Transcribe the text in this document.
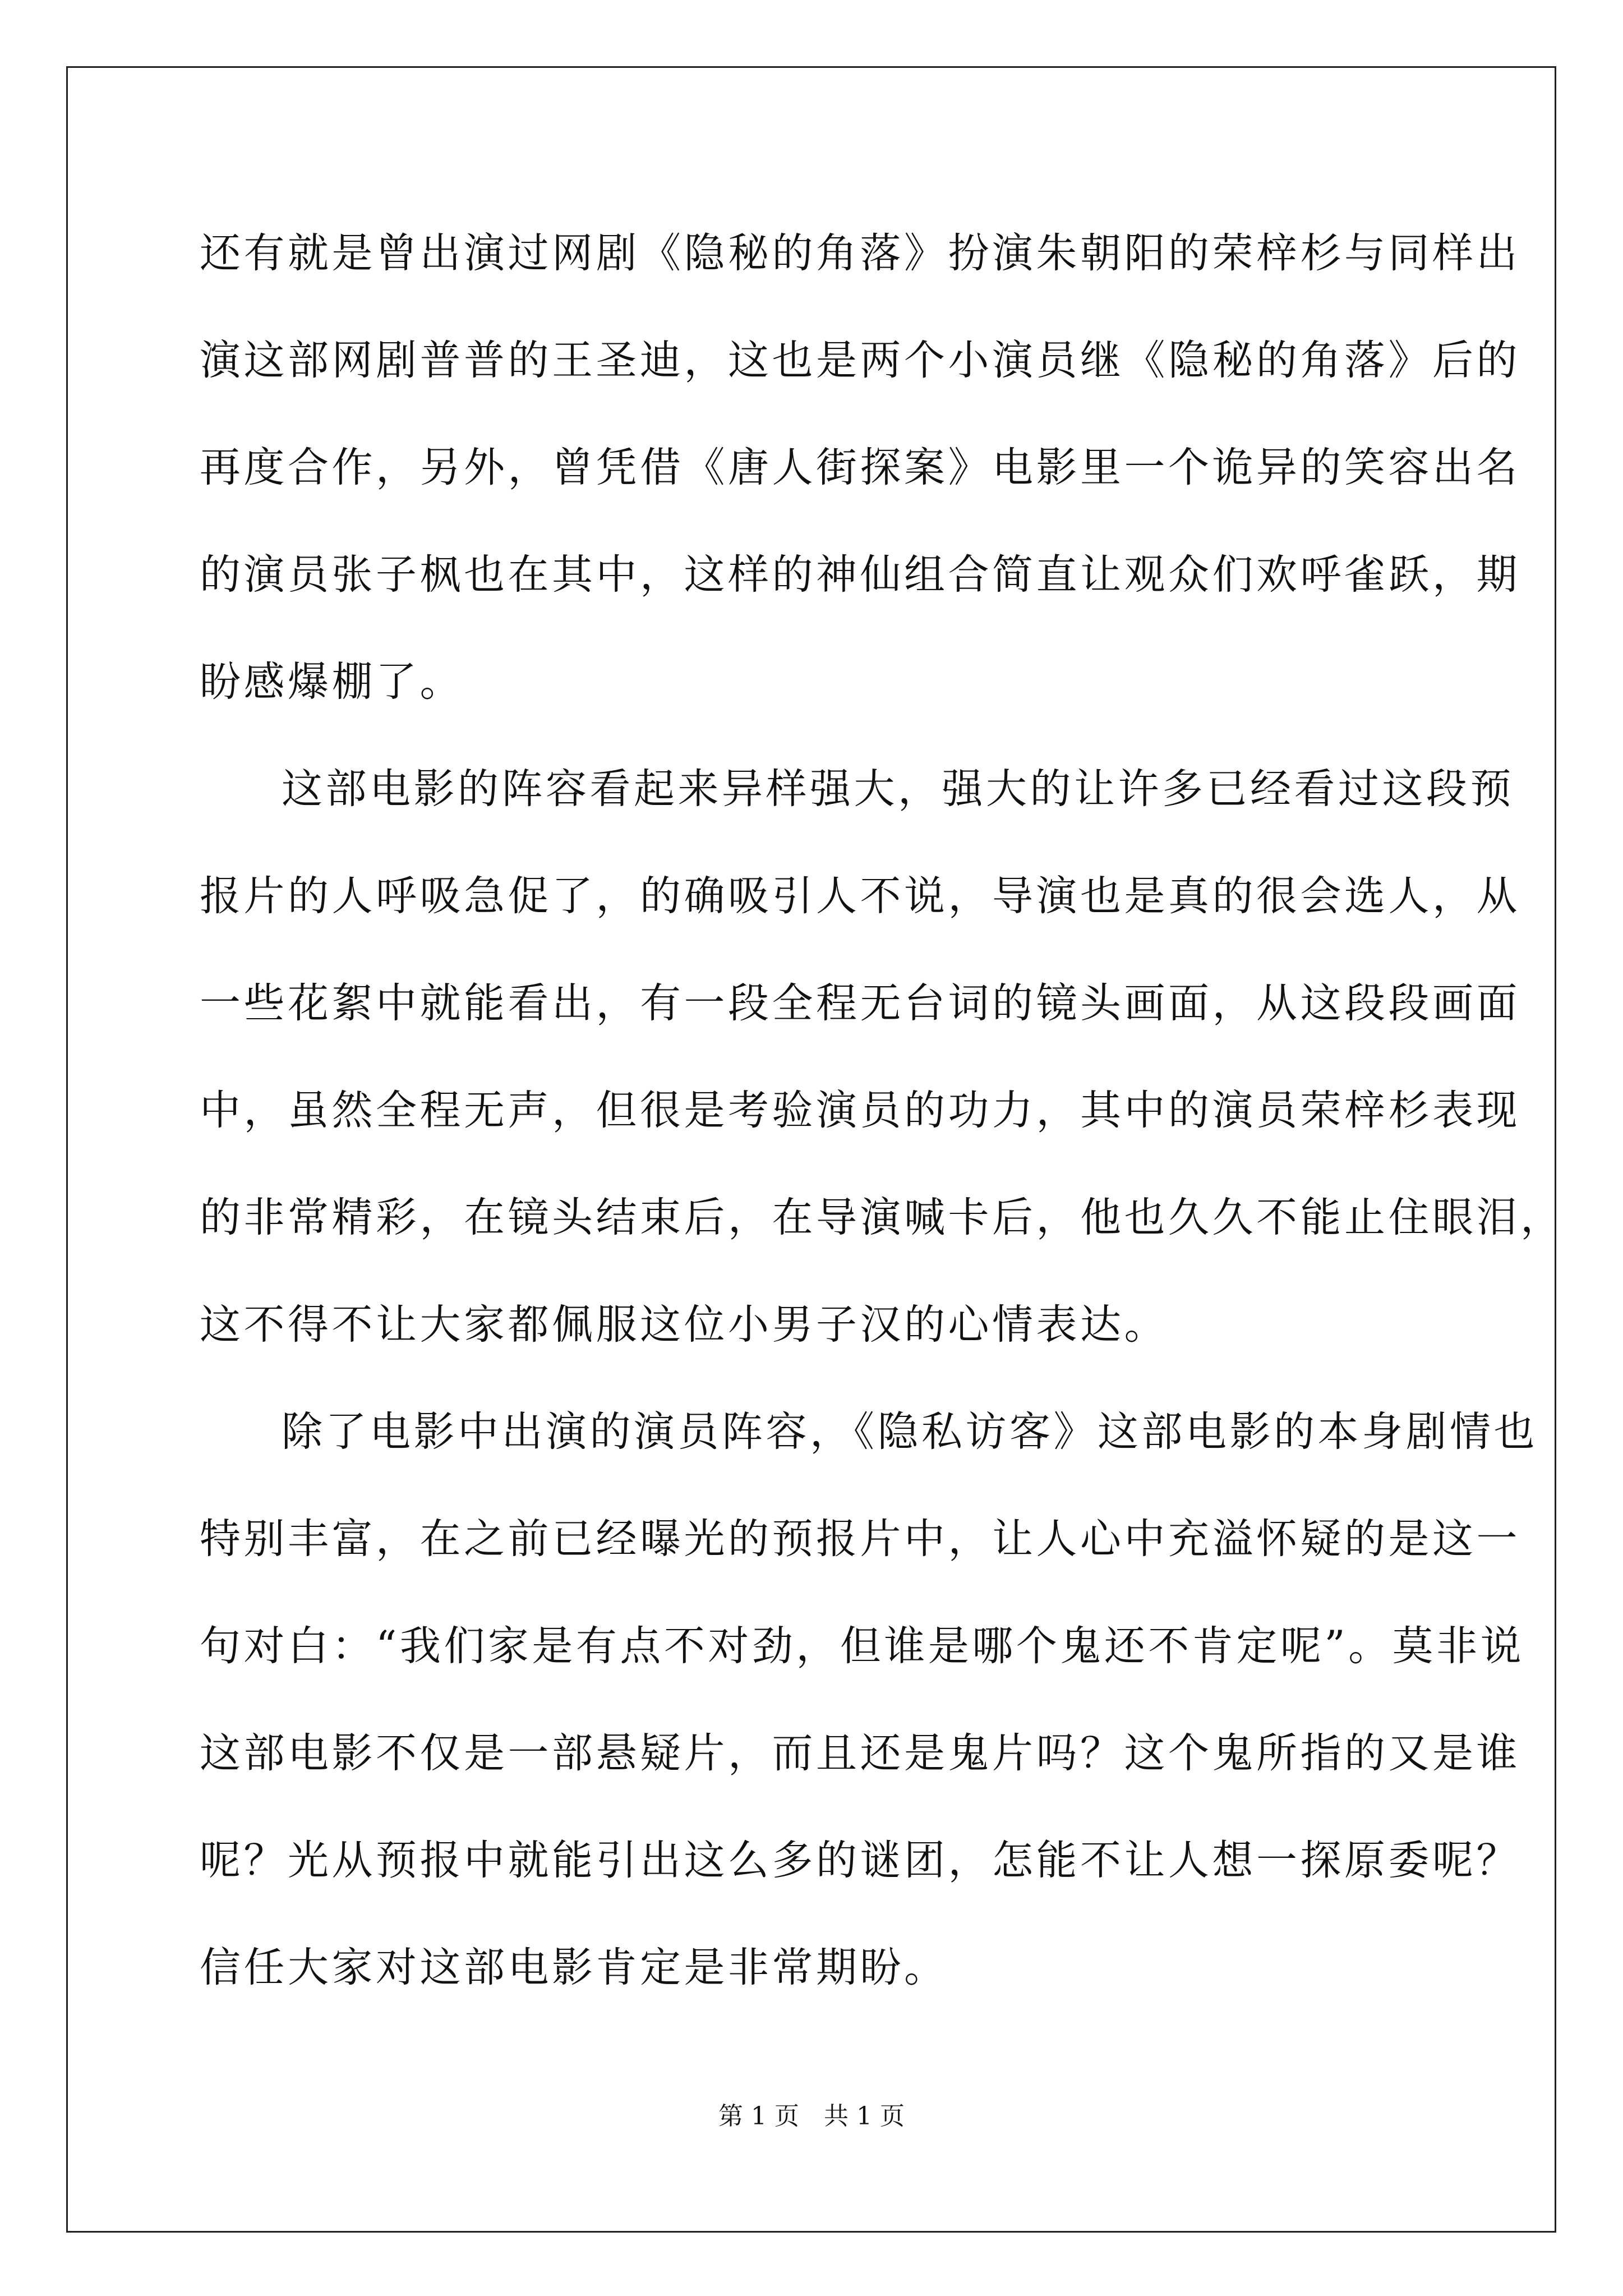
还有就是曾出演过网剧《隐秘的角落》扮演朱朝阳的荣梓杉与同样出
演这部网剧普普的王圣迪，这也是两个小演员继《隐秘的角落》后的
再度合作，另外，曾凭借《唐人街探案》电影里一个诡异的笑容出名
的演员张子枫也在其中，这样的神仙组合简直让观众们欢呼雀跃，期
盼感爆棚了。
这部电影的阵容看起来异样强大，强大的让许多已经看过这段预
报片的人呼吸急促了，的确吸引人不说，导演也是真的很会选人，从
一些花絮中就能看出，有一段全程无台词的镜头画面，从这段段画面
中，虽然全程无声，但很是考验演员的功力，其中的演员荣梓杉表现
的非常精彩，在镜头结束后，在导演喊卡后，他也久久不能止住眼泪，
这不得不让大家都佩服这位小男子汉的心情表达。
除了电影中出演的演员阵容，《隐私访客》这部电影的本身剧情也
特别丰富，在之前已经曝光的预报片中，让人心中充溢怀疑的是这一
句对白：“我们家是有点不对劲，但谁是哪个鬼还不肯定呢”。莫非说
这部电影不仅是一部悬疑片，而且还是鬼片吗？这个鬼所指的又是谁
呢？光从预报中就能引出这么多的谜团，怎能不让人想一探原委呢？
信任大家对这部电影肯定是非常期盼。
第 1 页　共 1 页
